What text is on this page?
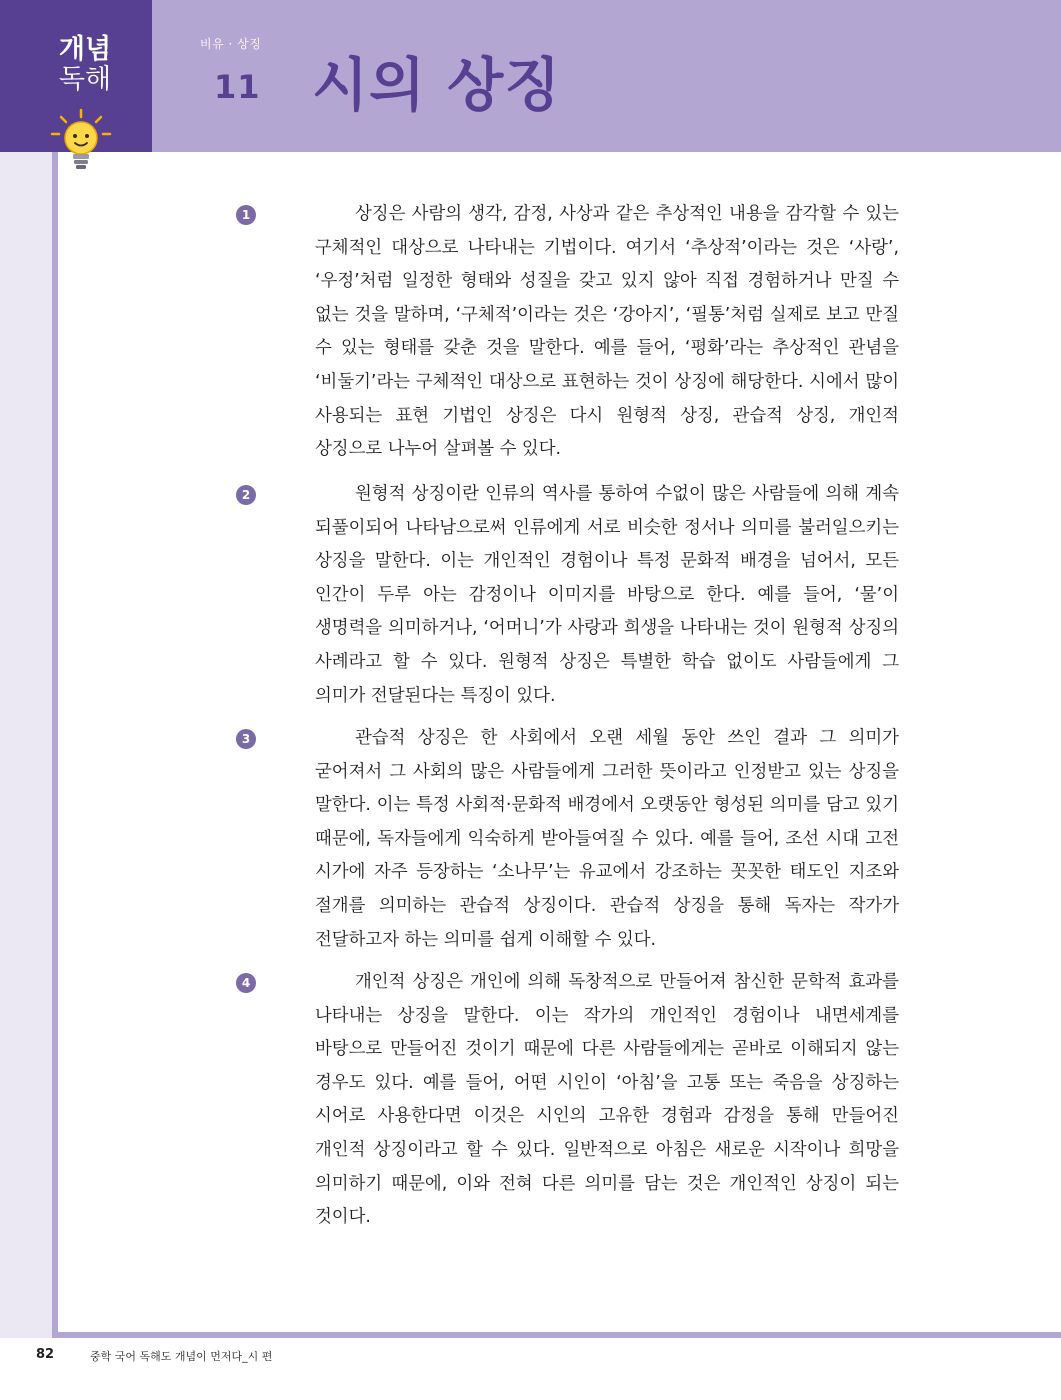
개념
독해
비유 · 상징
11 시의 상징
1	상징은 사람의 생각, 감정, 사상과 같은 추상적인 내용을 감각할 수 있는 구체적인 대상으로 나타내는 기법이다. 여기서 ‘추상적’이라는 것은 ‘사랑’, ‘우정’처럼 일정한 형태와 성질을 갖고 있지 않아 직접 경험하거나 만질 수 없는 것을 말하며, ‘구체적’이라는 것은 ‘강아지’, ‘필통’처럼 실제로 보고 만질 수 있는 형태를 갖춘 것을 말한다. 예를 들어, ‘평화’라는 추상적인 관념을 ‘비둘기’라는 구체적인 대상으로 표현하는 것이 상징에 해당한다. 시에서 많이 사용되는 표현 기법인 상징은 다시 원형적 상징, 관습적 상징, 개인적 상징으로 나누어 살펴볼 수 있다.

2	원형적 상징이란 인류의 역사를 통하여 수없이 많은 사람들에 의해 계속 되풀이되어 나타남으로써 인류에게 서로 비슷한 정서나 의미를 불러일으키는 상징을 말한다. 이는 개인적인 경험이나 특정 문화적 배경을 넘어서, 모든 인간이 두루 아는 감정이나 이미지를 바탕으로 한다. 예를 들어, ‘물’이 생명력을 의미하거나, ‘어머니’가 사랑과 희생을 나타내는 것이 원형적 상징의 사례라고 할 수 있다. 원형적 상징은 특별한 학습 없이도 사람들에게 그 의미가 전달된다는 특징이 있다.

3	관습적 상징은 한 사회에서 오랜 세월 동안 쓰인 결과 그 의미가 굳어져서 그 사회의 많은 사람들에게 그러한 뜻이라고 인정받고 있는 상징을 말한다. 이는 특정 사회적·문화적 배경에서 오랫동안 형성된 의미를 담고 있기 때문에, 독자들에게 익숙하게 받아들여질 수 있다. 예를 들어, 조선 시대 고전 시가에 자주 등장하는 ‘소나무’는 유교에서 강조하는 꼿꼿한 태도인 지조와 절개를 의미하는 관습적 상징이다. 관습적 상징을 통해 독자는 작가가 전달하고자 하는 의미를 쉽게 이해할 수 있다.

4	개인적 상징은 개인에 의해 독창적으로 만들어져 참신한 문학적 효과를 나타내는 상징을 말한다. 이는 작가의 개인적인 경험이나 내면세계를 바탕으로 만들어진 것이기 때문에 다른 사람들에게는 곧바로 이해되지 않는 경우도 있다. 예를 들어, 어떤 시인이 ‘아침’을 고통 또는 죽음을 상징하는 시어로 사용한다면 이것은 시인의 고유한 경험과 감정을 통해 만들어진 개인적 상징이라고 할 수 있다. 일반적으로 아침은 새로운 시작이나 희망을 의미하기 때문에, 이와 전혀 다른 의미를 담는 것은 개인적인 상징이 되는 것이다.

82	중학 국어 독해도 개념이 먼저다_시 편
